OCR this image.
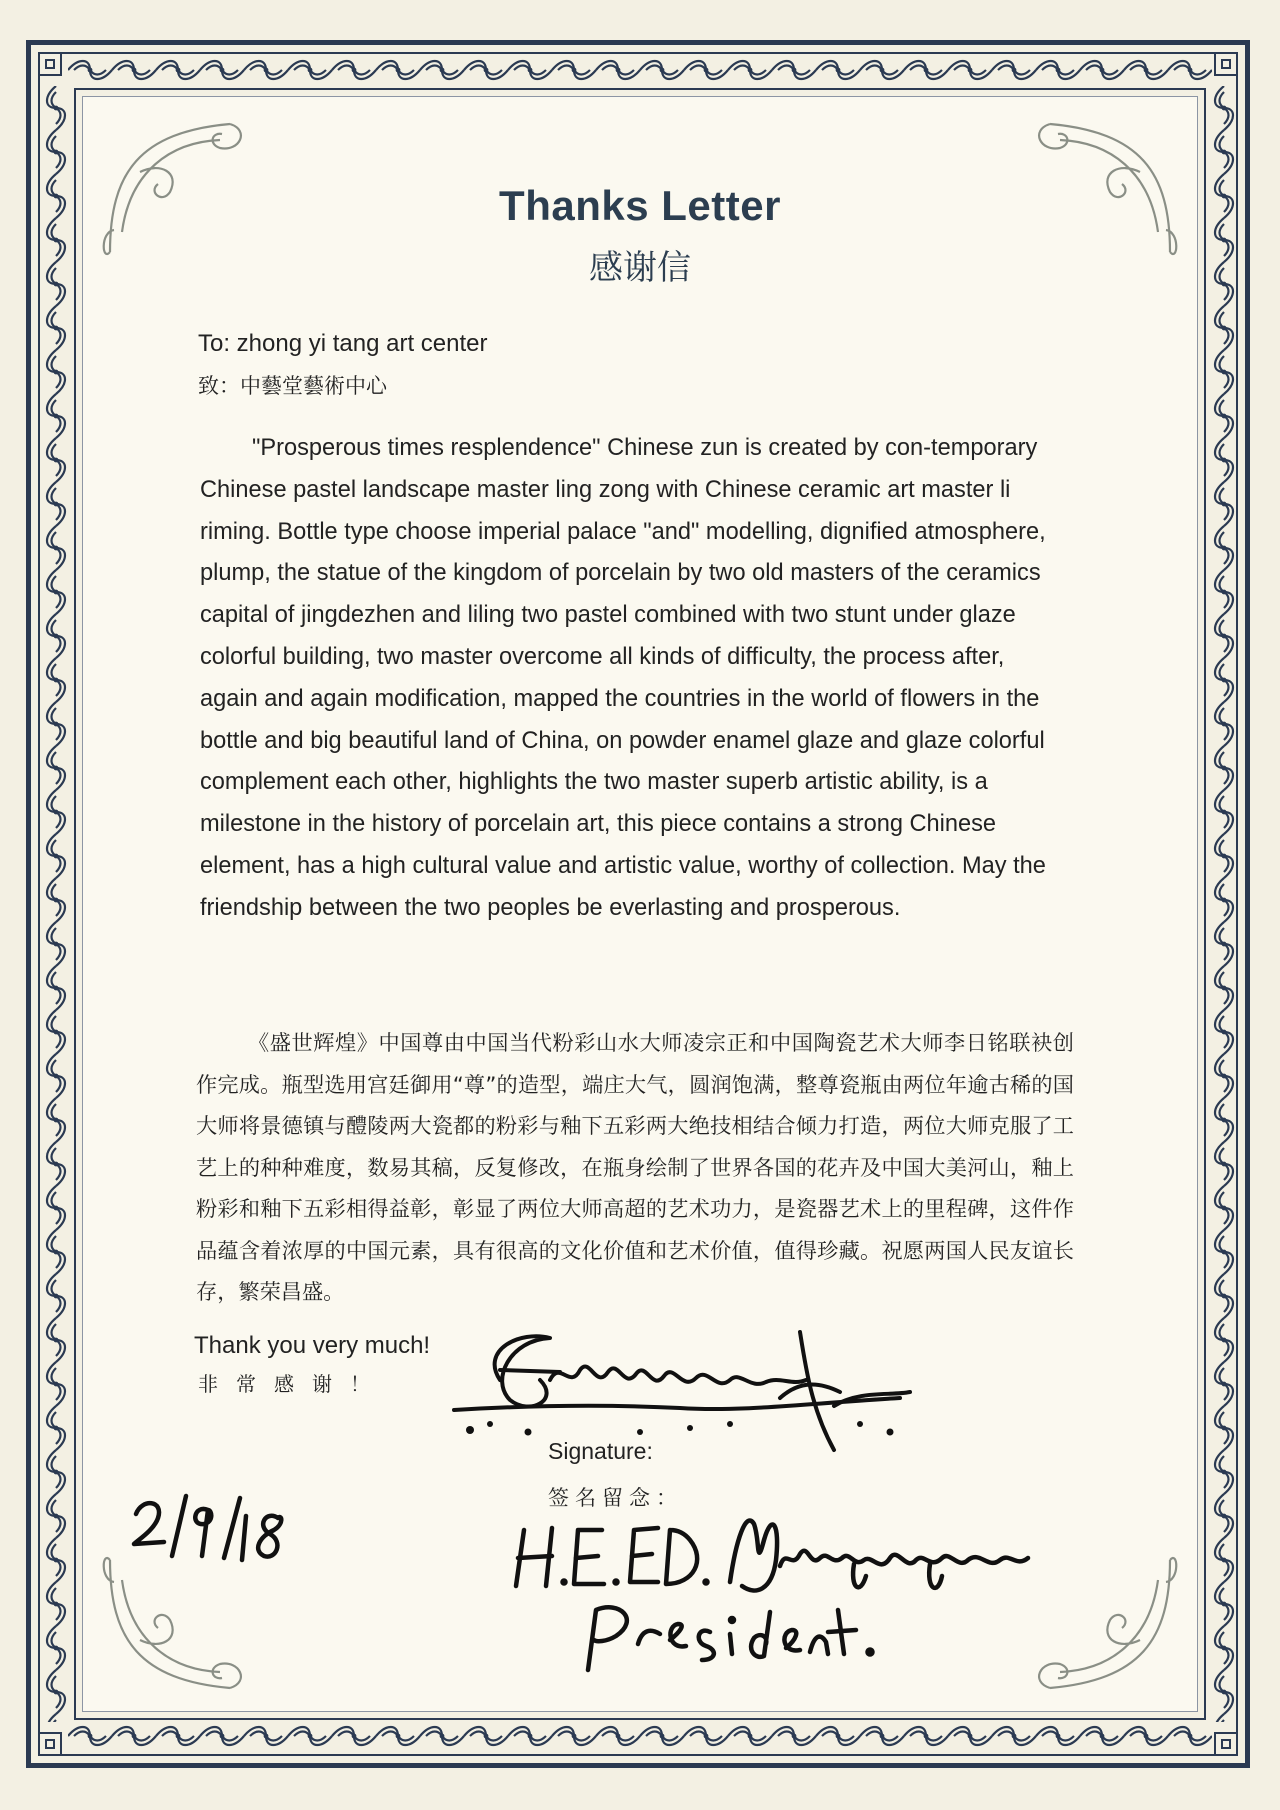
Thanks Letter
感谢信
To: zhong yi tang art center
致：中藝堂藝術中心

"Prosperous times resplendence" Chinese zun is created by con-temporary Chinese pastel landscape master ling zong with Chinese ceramic art master li riming. Bottle type choose imperial palace "and" modelling, dignified atmosphere, plump, the statue of the kingdom of porcelain by two old masters of the ceramics capital of jingdezhen and liling two pastel combined with two stunt under glaze colorful building, two master overcome all kinds of difficulty, the process after, again and again modification, mapped the countries in the world of flowers in the bottle and big beautiful land of China, on powder enamel glaze and glaze colorful complement each other, highlights the two master superb artistic ability, is a milestone in the history of porcelain art, this piece contains a strong Chinese element, has a high cultural value and artistic value, worthy of collection. May the friendship between the two peoples be everlasting and prosperous.

《盛世辉煌》中国尊由中国当代粉彩山水大师凌宗正和中国陶瓷艺术大师李日铭联袂创作完成。瓶型选用宫廷御用“尊”的造型，端庄大气，圆润饱满，整尊瓷瓶由两位年逾古稀的国大师将景德镇与醴陵两大瓷都的粉彩与釉下五彩两大绝技相结合倾力打造，两位大师克服了工艺上的种种难度，数易其稿，反复修改，在瓶身绘制了世界各国的花卉及中国大美河山，釉上粉彩和釉下五彩相得益彰，彰显了两位大师高超的艺术功力，是瓷器艺术上的里程碑，这件作品蕴含着浓厚的中国元素，具有很高的文化价值和艺术价值，值得珍藏。祝愿两国人民友谊长存，繁荣昌盛。

Thank you very much!
非常感谢！
Signature:
签名留念：
